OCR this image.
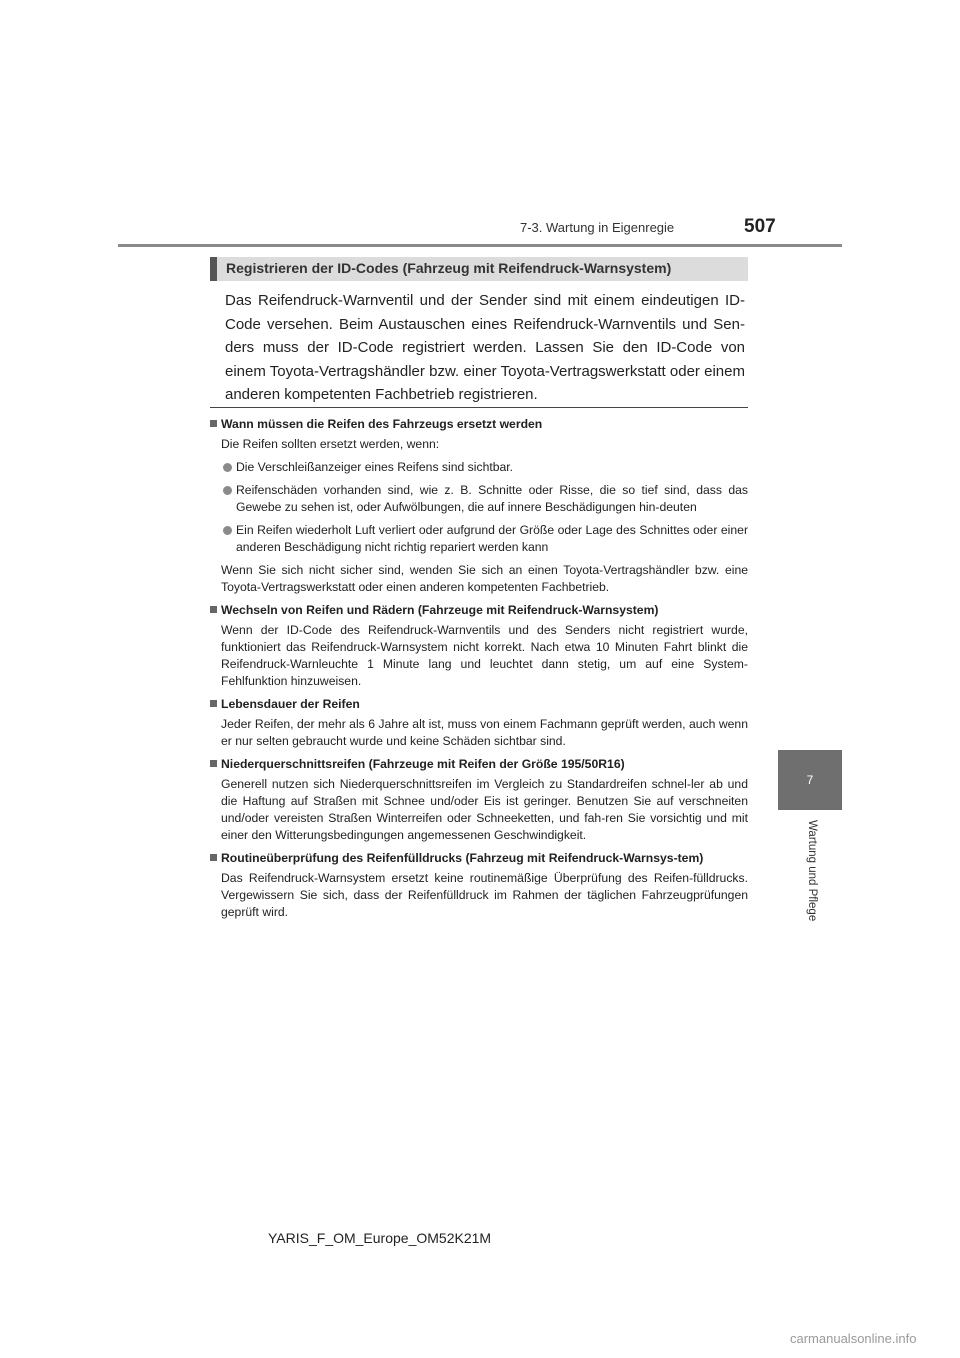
7-3. Wartung in Eigenregie	507
7
Wartung und Pflege
Registrieren der ID-Codes (Fahrzeug mit Reifendruck-Warnsystem)
Das Reifendruck-Warnventil und der Sender sind mit einem eindeutigen ID-Code versehen. Beim Austauschen eines Reifendruck-Warnventils und Sen-ders muss der ID-Code registriert werden. Lassen Sie den ID-Code von einem Toyota-Vertragshändler bzw. einer Toyota-Vertragswerkstatt oder einem anderen kompetenten Fachbetrieb registrieren.
Wann müssen die Reifen des Fahrzeugs ersetzt werden
Die Reifen sollten ersetzt werden, wenn:
Die Verschleißanzeiger eines Reifens sind sichtbar.
Reifenschäden vorhanden sind, wie z. B. Schnitte oder Risse, die so tief sind, dass das Gewebe zu sehen ist, oder Aufwölbungen, die auf innere Beschädigungen hin-deuten
Ein Reifen wiederholt Luft verliert oder aufgrund der Größe oder Lage des Schnittes oder einer anderen Beschädigung nicht richtig repariert werden kann
Wenn Sie sich nicht sicher sind, wenden Sie sich an einen Toyota-Vertragshändler bzw. eine Toyota-Vertragswerkstatt oder einen anderen kompetenten Fachbetrieb.
Wechseln von Reifen und Rädern (Fahrzeuge mit Reifendruck-Warnsystem)
Wenn der ID-Code des Reifendruck-Warnventils und des Senders nicht registriert wurde, funktioniert das Reifendruck-Warnsystem nicht korrekt. Nach etwa 10 Minuten Fahrt blinkt die Reifendruck-Warnleuchte 1 Minute lang und leuchtet dann stetig, um auf eine System-Fehlfunktion hinzuweisen.
Lebensdauer der Reifen
Jeder Reifen, der mehr als 6 Jahre alt ist, muss von einem Fachmann geprüft werden, auch wenn er nur selten gebraucht wurde und keine Schäden sichtbar sind.
Niederquerschnittsreifen (Fahrzeuge mit Reifen der Größe 195/50R16)
Generell nutzen sich Niederquerschnittsreifen im Vergleich zu Standardreifen schnel-ler ab und die Haftung auf Straßen mit Schnee und/oder Eis ist geringer. Benutzen Sie auf verschneiten und/oder vereisten Straßen Winterreifen oder Schneeketten, und fah-ren Sie vorsichtig und mit einer den Witterungsbedingungen angemessenen Geschwindigkeit.
Routineüberprüfung des Reifenfülldrucks (Fahrzeug mit Reifendruck-Warnsys-tem)
Das Reifendruck-Warnsystem ersetzt keine routinemäßige Überprüfung des Reifen-fülldrucks. Vergewissern Sie sich, dass der Reifenfülldruck im Rahmen der täglichen Fahrzeugprüfungen geprüft wird.
YARIS_F_OM_Europe_OM52K21M
carmanualsonline.info
